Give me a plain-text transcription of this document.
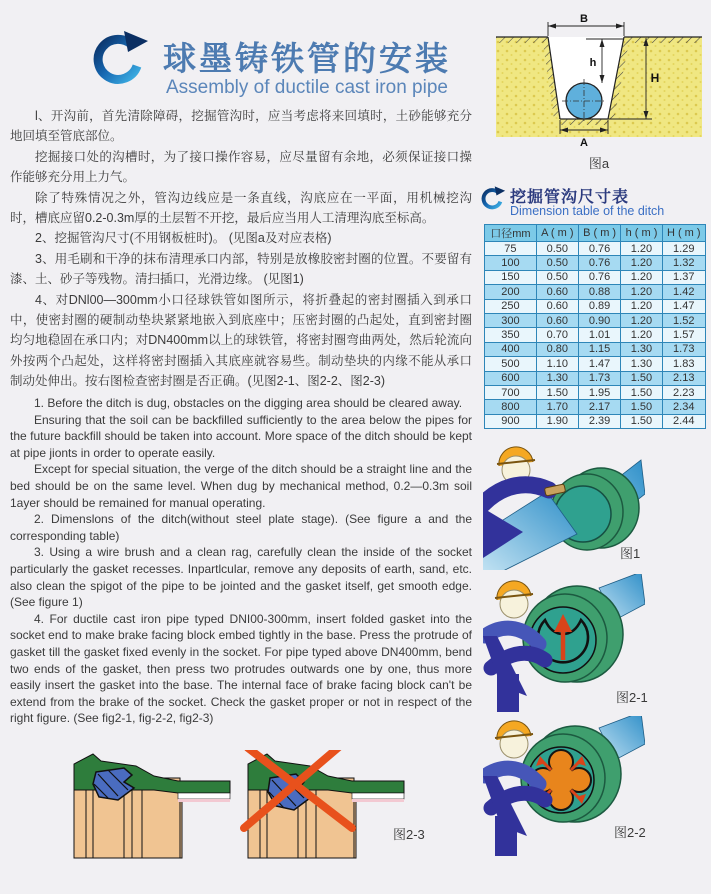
球墨铸铁管的安装
Assembly of ductile cast iron pipe

l、开沟前，首先清除障碍，挖掘管沟时，应当考虑将来回填时，土砂能够充分地回填至管底部位。

挖掘接口处的沟槽时，为了接口操作容易，应尽量留有余地，必须保证接口操作能够充分用上力气。

除了特殊情况之外，管沟边线应是一条直线，沟底应在一平面，用机械挖沟时，槽底应留0.2-0.3m厚的土层暂不开挖，最后应当用人工清理沟底至标高。

2、挖掘管沟尺寸(不用钢板桩时)。 (见图a及对应表格)

3、用毛刷和干净的抹布清理承口内部，特别是放橡胶密封圈的位置。不要留有漆、土、砂子等残物。清扫插口，光滑边缘。 (见图1)

4、对DNl00—300mm小口径球铁管如图所示，将折叠起的密封圈插入到承口中，使密封圈的硬制动垫块紧紧地嵌入到底座中；压密封圈的凸起处，直到密封圈均匀地稳固在承口内；对DN400mm以上的球铁管，将密封圈弯曲两处，然后轮流向外按两个凸起处，这样将密封圈插入其底座就容易些。制动垫块的内缘不能从承口制动处伸出。按右图检查密封圈是否正确。(见图2-1、图2-2、图2-3)

1. Before the ditch is dug, obstacles on the digging area should be cleared away.

Ensuring that the soil can be backfilled sufficiently to the area below the pipes for the future backfill should be taken into account. More space of the ditch should be kept at pipe jionts in order to operate easily.

Except for special situation, the verge of the ditch should be a straight line and the bed should be on the same level. When dug by mechanical method, 0.2—0.3m soil 1ayer should be remained for manual operating.

2. Dimenslons of the ditch(without steel plate stage). (See figure a and the corresponding table)

3. Using a wire brush and a clean rag, carefully clean the inside of the socket particularly the gasket recesses. Inpartlcular, remove any deposits of earth, sand, etc. also clean the spigot of the pipe to be jointed and the gasket itself, get smooth edge. (See figure 1)

4. For ductile cast iron pipe typed DNI00-300mm, insert folded gasket into the socket end to make brake facing block embed tightly in the base. Press the protrude of gasket till the gasket fixed evenly in the socket. For pipe typed above DN400mm, bend two ends of the gasket, then press two protrudes outwards one by one, thus more easily insert the gasket into the base. The internal face of brake facing block can't be extend from the brake of the socket. Check the gasket proper or not in respect of the right figure. (See fig2-1, fig-2-2, fig2-3)

B
h
H
A
图a
挖掘管沟尺寸表
Dimension table of the ditch
口径mm	A ( m )	B ( m )	h ( m )	H ( m )
75	0.50	0.76	1.20	1.29
100	0.50	0.76	1.20	1.32
150	0.50	0.76	1.20	1.37
200	0.60	0.88	1.20	1.42
250	0.60	0.89	1.20	1.47
300	0.60	0.90	1.20	1.52
350	0.70	1.01	1.20	1.57
400	0.80	1.15	1.30	1.73
500	1.10	1.47	1.30	1.83
600	1.30	1.73	1.50	2.13
700	1.50	1.95	1.50	2.23
800	1.70	2.17	1.50	2.34
900	1.90	2.39	1.50	2.44
图1
图2-1
图2-2
图2-3
